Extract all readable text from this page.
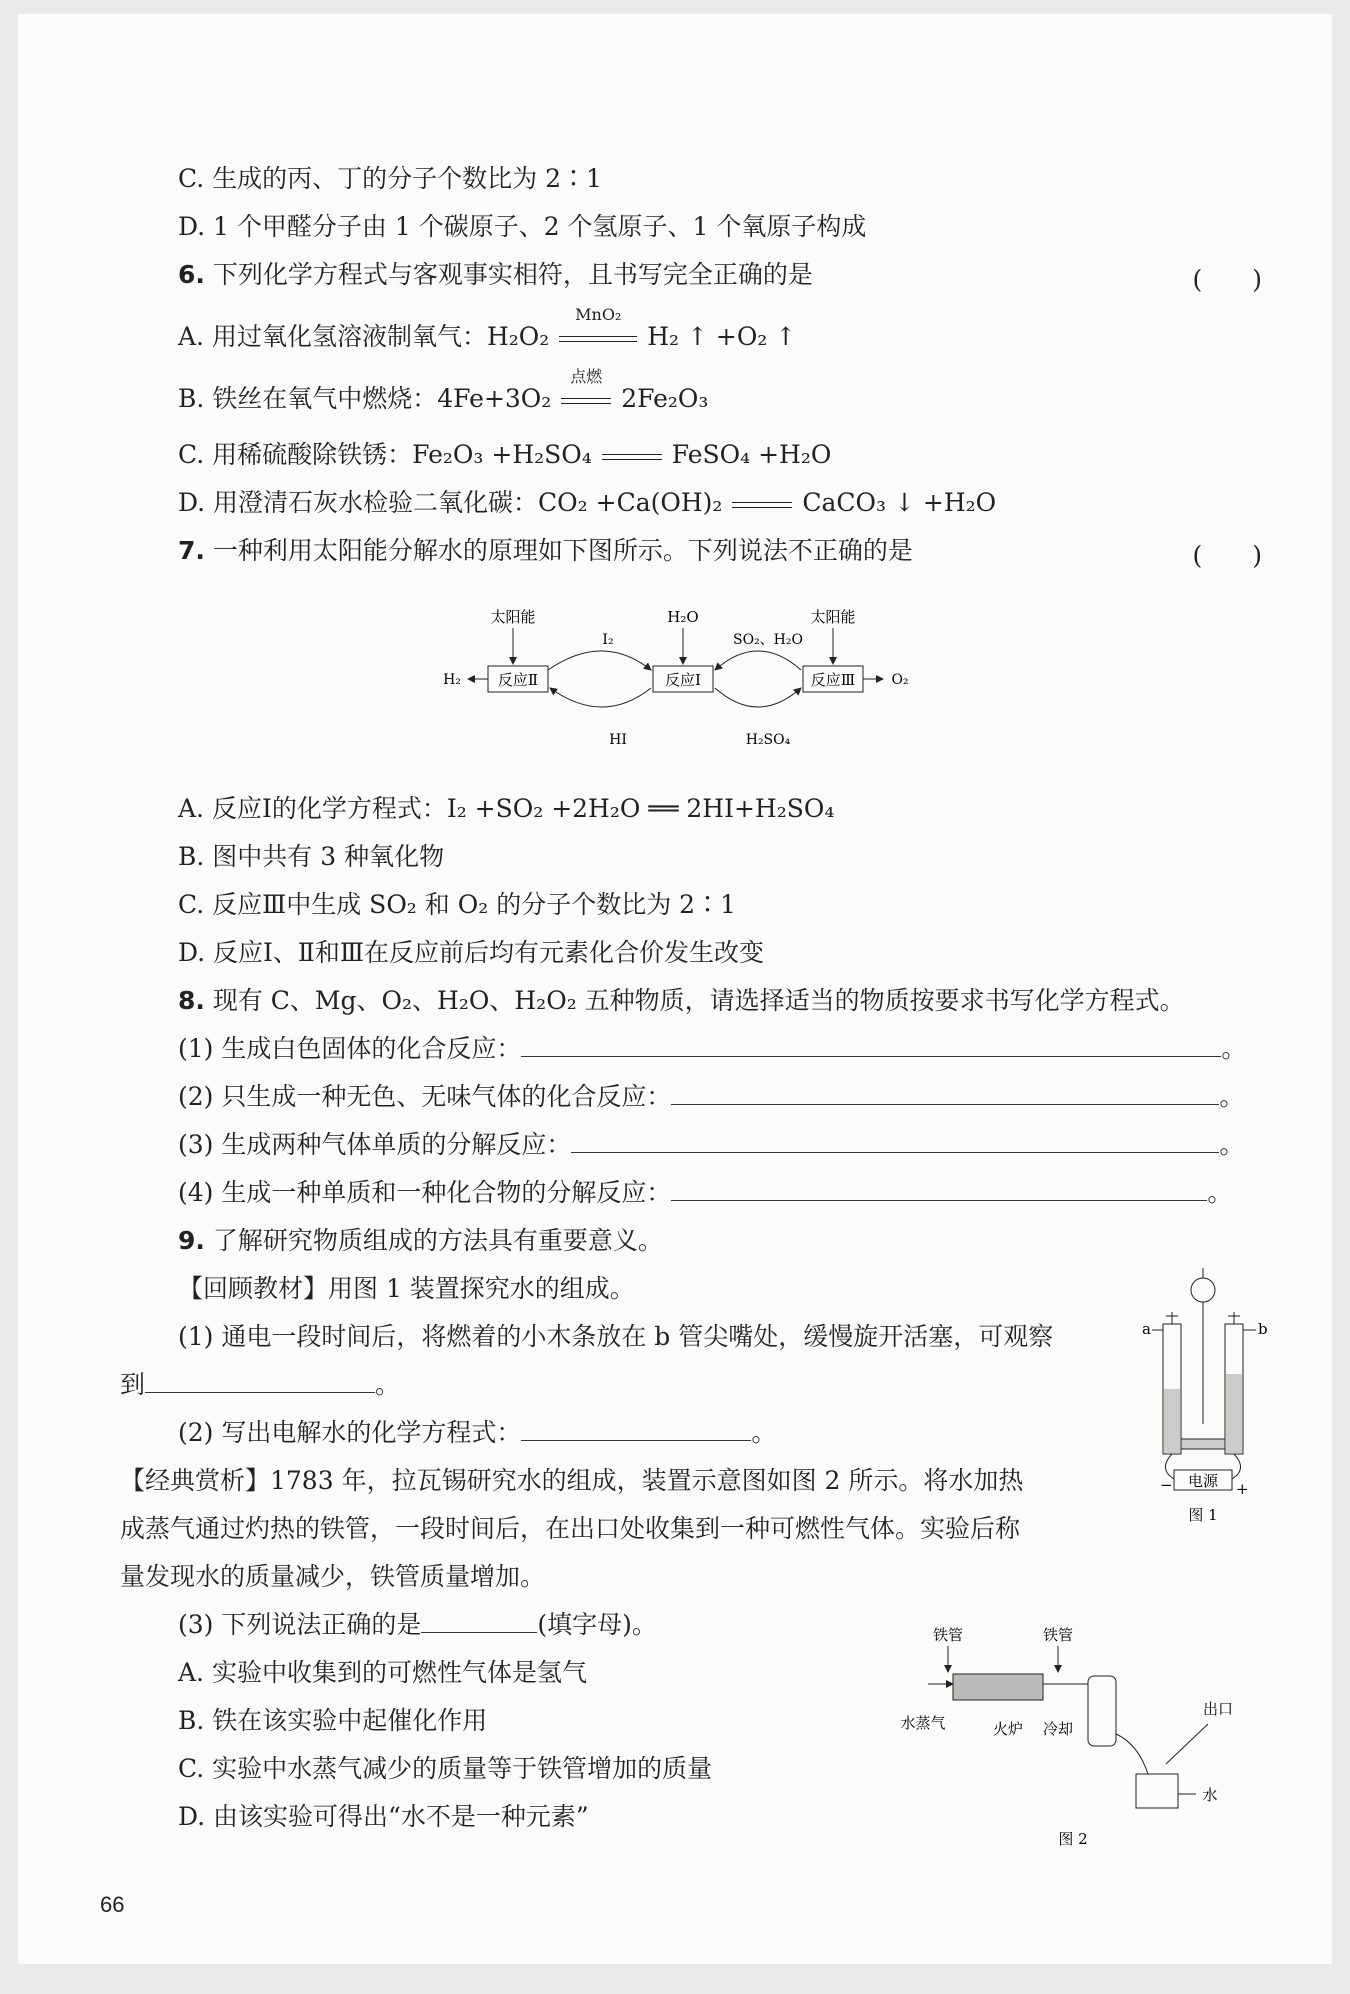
C. 生成的丙、丁的分子个数比为 2∶1
D. 1 个甲醛分子由 1 个碳原子、2 个氢原子、1 个氧原子构成
6. 下列化学方程式与客观事实相符，且书写完全正确的是	(　　)
A. 用过氧化氢溶液制氧气：H₂O₂
MnO₂
H₂ ↑ +O₂ ↑
B. 铁丝在氧气中燃烧：4Fe+3O₂
点燃
2Fe₂O₃
C. 用稀硫酸除铁锈：Fe₂O₃ +H₂SO₄	FeSO₄ +H₂O
D. 用澄清石灰水检验二氧化碳：CO₂ +Ca(OH)₂	CaCO₃ ↓ +H₂O
7. 一种利用太阳能分解水的原理如下图所示。下列说法不正确的是	(　　)
太阳能	H₂O	太阳能
I₂	SO₂、H₂O
反应Ⅱ	反应Ⅰ	反应Ⅲ
H₂	O₂
HI	H₂SO₄
A. 反应Ⅰ的化学方程式：I₂ +SO₂ +2H₂O ══ 2HI+H₂SO₄
B. 图中共有 3 种氧化物
C. 反应Ⅲ中生成 SO₂ 和 O₂ 的分子个数比为 2∶1
D. 反应Ⅰ、Ⅱ和Ⅲ在反应前后均有元素化合价发生改变
8. 现有 C、Mg、O₂、H₂O、H₂O₂ 五种物质，请选择适当的物质按要求书写化学方程式。
(1) 生成白色固体的化合反应：	。
(2) 只生成一种无色、无味气体的化合反应：	。
(3) 生成两种气体单质的分解反应：	。
(4) 生成一种单质和一种化合物的分解反应：	。
9. 了解研究物质组成的方法具有重要意义。
【回顾教材】用图 1 装置探究水的组成。
(1) 通电一段时间后，将燃着的小木条放在 b 管尖嘴处，缓慢旋开活塞，可观察
到	。
(2) 写出电解水的化学方程式：	。
【经典赏析】1783 年，拉瓦锡研究水的组成，装置示意图如图 2 所示。将水加热
成蒸气通过灼热的铁管，一段时间后，在出口处收集到一种可燃性气体。实验后称
量发现水的质量减少，铁管质量增加。
(3) 下列说法正确的是	(填字母)。
A. 实验中收集到的可燃性气体是氢气
B. 铁在该实验中起催化作用
C. 实验中水蒸气减少的质量等于铁管增加的质量
D. 由该实验可得出“水不是一种元素”
a	b
电源
−	+
图 1
铁管	铁管
水蒸气	火炉 冷却
出口
水
图 2
66
